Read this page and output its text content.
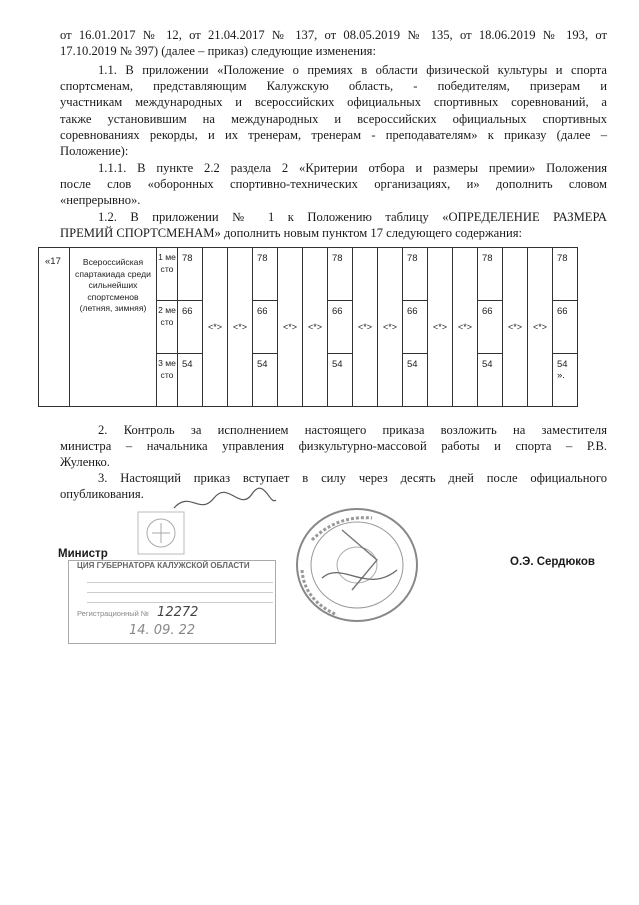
от 16.01.2017 № 12, от 21.04.2017 № 137, от 08.05.2019 № 135, от 18.06.2019 № 193, от
17.10.2019 № 397) (далее – приказ) следующие изменения:
1.1. В приложении «Положение о премиях в области физической культуры и спорта
спортсменам, представляющим Калужскую область, - победителям, призерам и
участникам международных и всероссийских официальных спортивных соревнований, а
также установившим на международных и всероссийских официальных спортивных
соревнованиях рекорды, и их тренерам, тренерам - преподавателям» к приказу (далее –
Положение):
1.1.1. В пункте 2.2 раздела 2 «Критерии отбора и размеры премии» Положения
после слов «оборонных спортивно-технических организациях, и» дополнить словом
«непрерывно».
1.2. В приложении № 1 к Положению таблицу «ОПРЕДЕЛЕНИЕ РАЗМЕРА
ПРЕМИЙ СПОРТСМЕНАМ» дополнить новым пунктом 17 следующего содержания:
«17	Всероссийская спартакиада среди сильнейших спортсменов (летняя, зимняя)	1 ме сто	78	<*>	<*>	78	<*>	<*>	78	<*>	<*>	78	<*>	<*>	78	<*>	<*>	78
		2 ме сто	66			66			66			66			66			66
		3 ме сто	54			54			54			54			54			54 ».
2. Контроль за исполнением настоящего приказа возложить на заместителя
министра – начальника управления физкультурно-массовой работы и спорта – Р.В.
Жуленко.
3. Настоящий приказ вступает в силу через десять дней после официального
опубликования.
Министр
ЦИЯ ГУБЕРНАТОРА КАЛУЖСКОЙ ОБЛАСТИ
Регистрационный № 12272
14. 09. 22
О.Э. Сердюков
